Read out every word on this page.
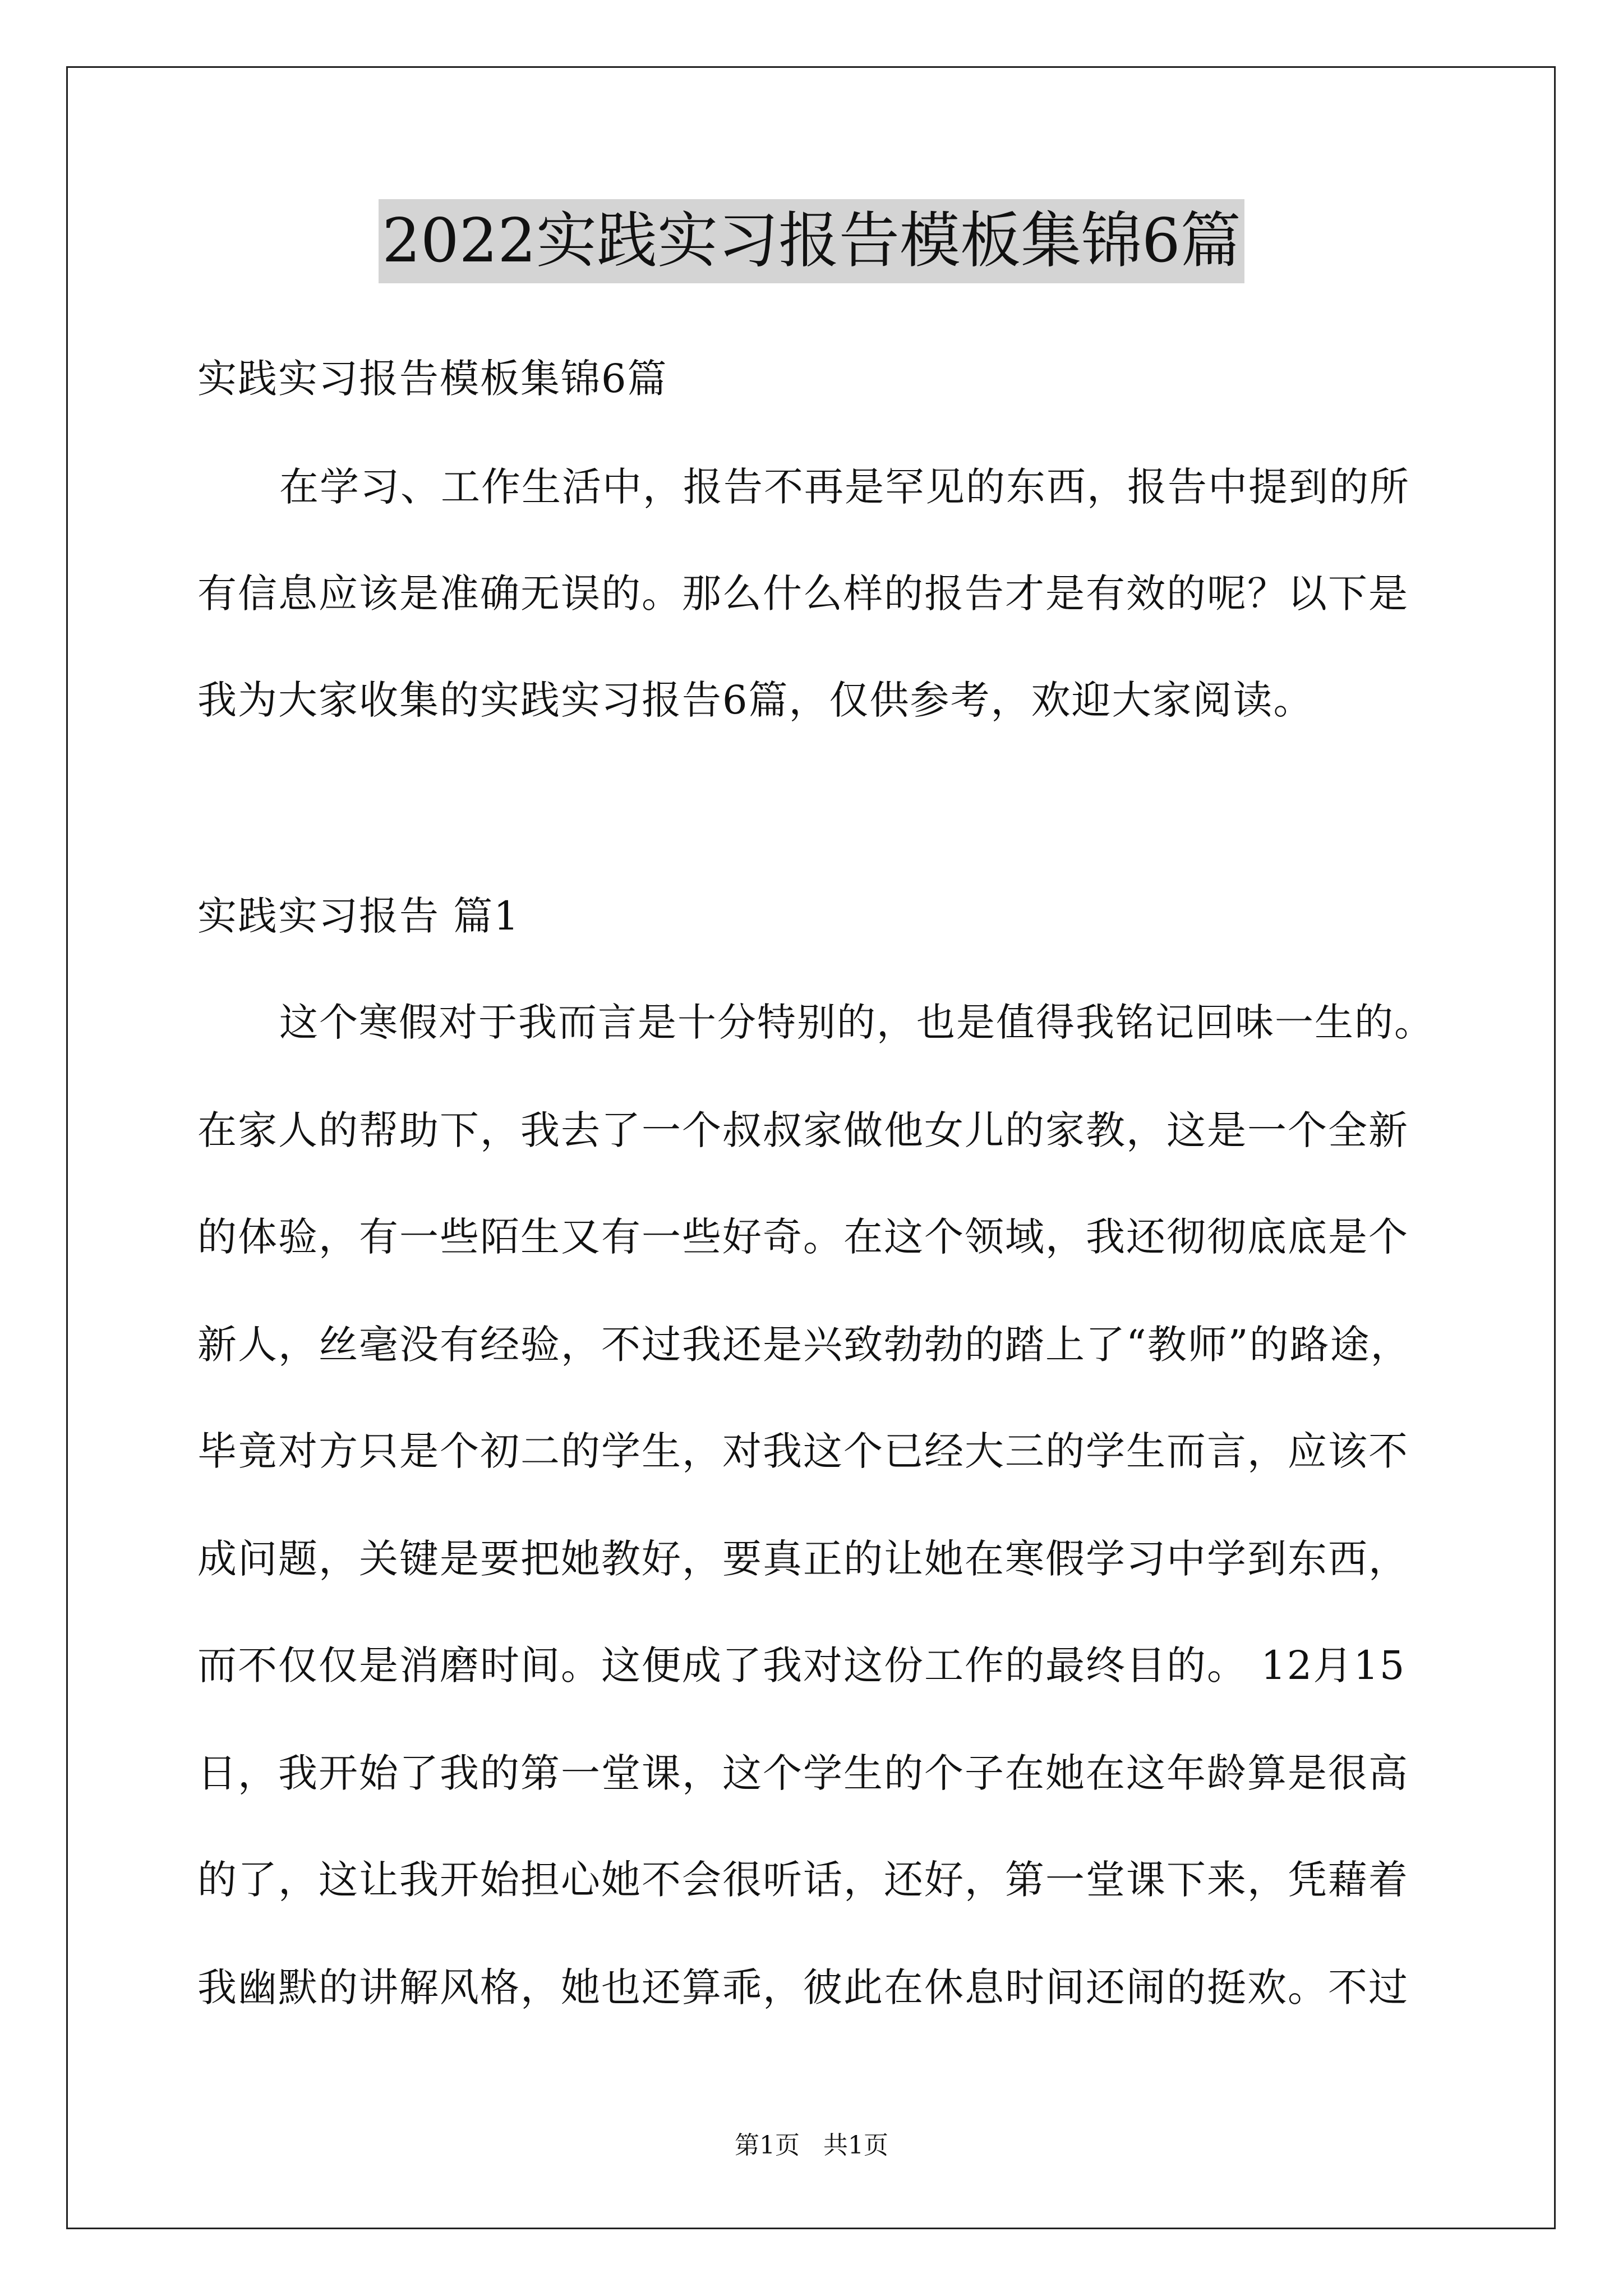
2022实践实习报告模板集锦6篇
实践实习报告模板集锦6篇
在学习、工作生活中，报告不再是罕见的东西，报告中提到的所
有信息应该是准确无误的。那么什么样的报告才是有效的呢？以下是
我为大家收集的实践实习报告6篇，仅供参考，欢迎大家阅读。
实践实习报告 篇1
这个寒假对于我而言是十分特别的，也是值得我铭记回味一生的。
在家人的帮助下，我去了一个叔叔家做他女儿的家教，这是一个全新
的体验，有一些陌生又有一些好奇。在这个领域，我还彻彻底底是个
新人，丝毫没有经验，不过我还是兴致勃勃的踏上了“教师”的路途，
毕竟对方只是个初二的学生，对我这个已经大三的学生而言，应该不
成问题，关键是要把她教好，要真正的让她在寒假学习中学到东西，
而不仅仅是消磨时间。这便成了我对这份工作的最终目的。 12月15
日，我开始了我的第一堂课，这个学生的个子在她在这年龄算是很高
的了，这让我开始担心她不会很听话，还好，第一堂课下来，凭藉着
我幽默的讲解风格，她也还算乖，彼此在休息时间还闹的挺欢。不过
第1页   共1页
